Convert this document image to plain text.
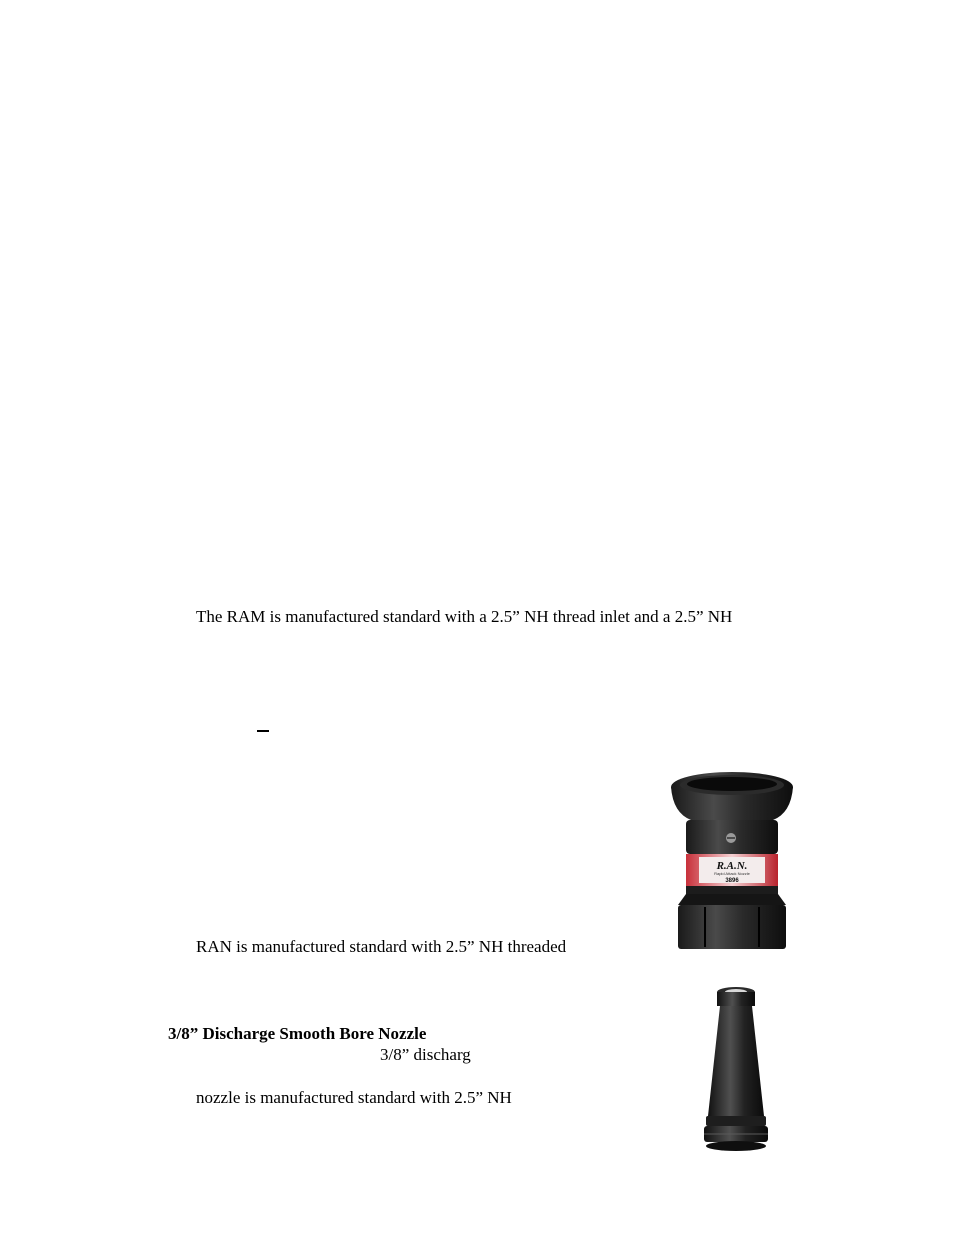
The RAM is manufactured standard with a 2.5” NH thread inlet and a 2.5” NH
R.A.N.
Rapid Attack Nozzle
3896
RAN is manufactured standard with 2.5” NH threaded
3/8” Discharge Smooth Bore Nozzle
3/8” discharg
nozzle is manufactured standard with 2.5” NH
